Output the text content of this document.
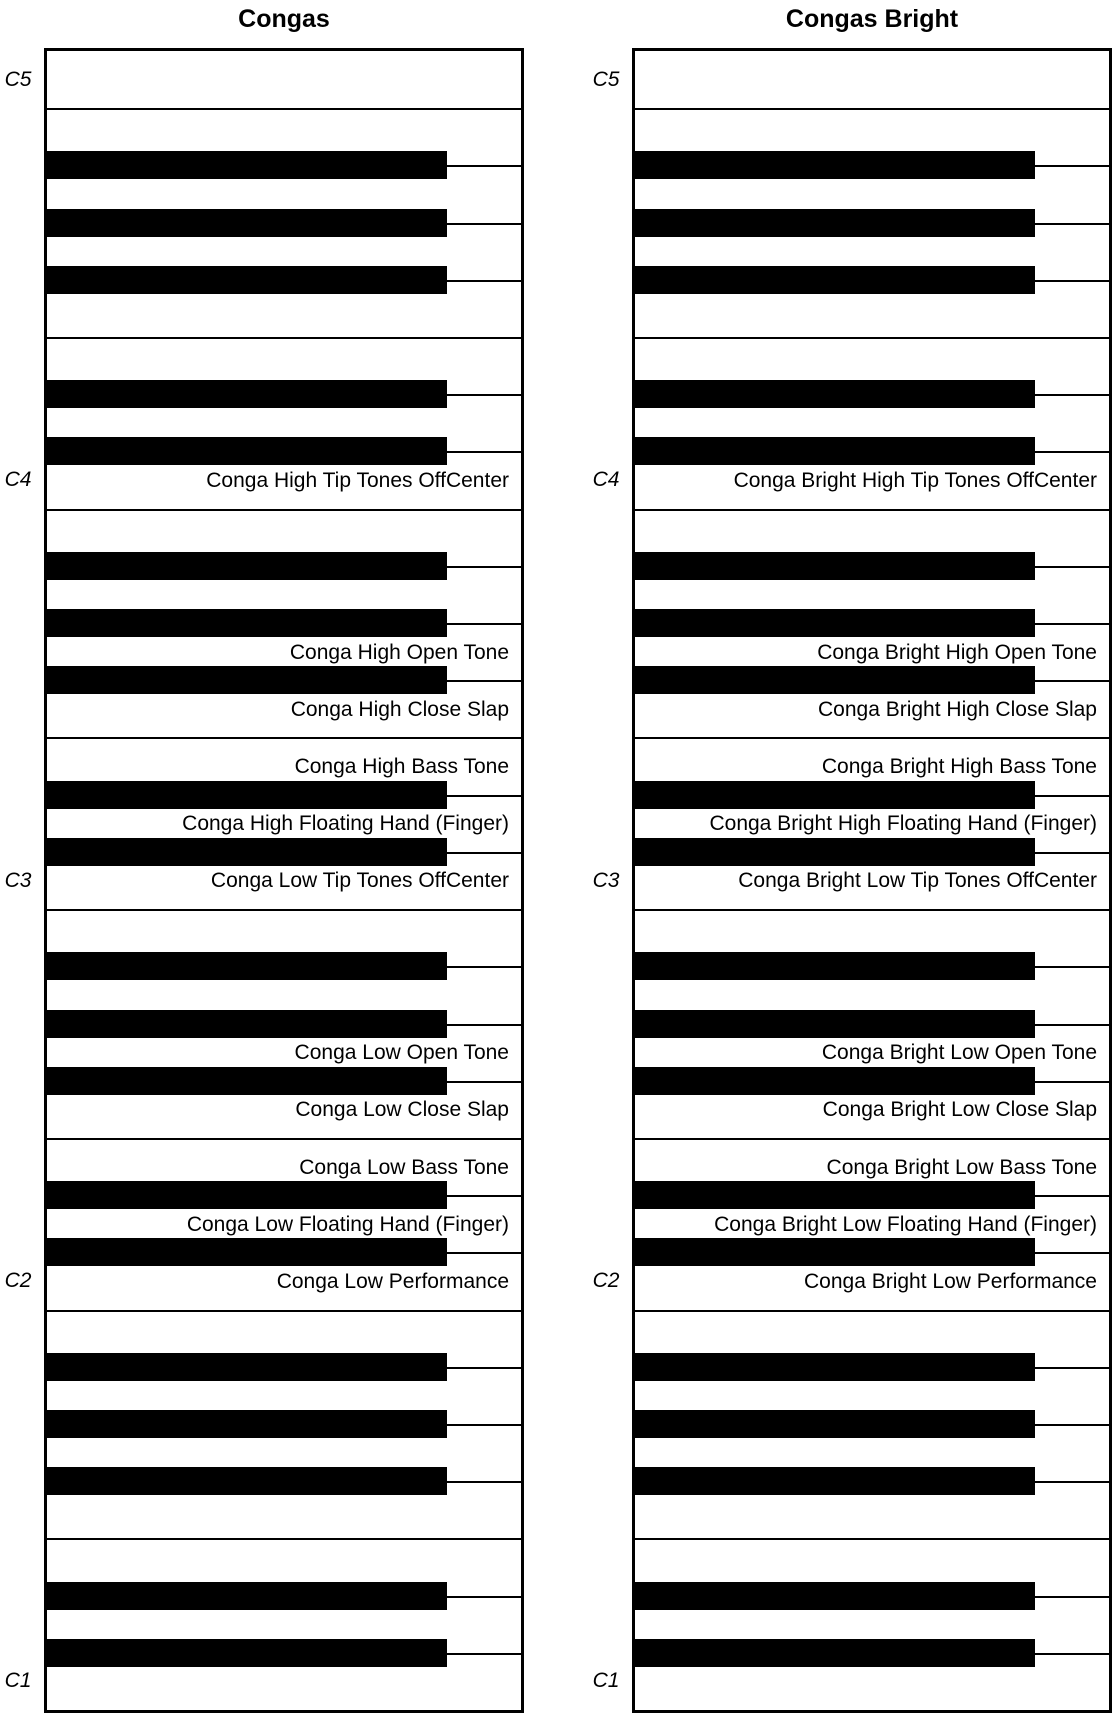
Congas
Conga High Tip Tones OffCenter
Conga High Open Tone
Conga High Close Slap
Conga High Bass Tone
Conga High Floating Hand (Finger)
Conga Low Tip Tones OffCenter
Conga Low Open Tone
Conga Low Close Slap
Conga Low Bass Tone
Conga Low Floating Hand (Finger)
Conga Low Performance
C5
C4
C3
C2
C1
Congas Bright
Conga Bright High Tip Tones OffCenter
Conga Bright High Open Tone
Conga Bright High Close Slap
Conga Bright High Bass Tone
Conga Bright High Floating Hand (Finger)
Conga Bright Low Tip Tones OffCenter
Conga Bright Low Open Tone
Conga Bright Low Close Slap
Conga Bright Low Bass Tone
Conga Bright Low Floating Hand (Finger)
Conga Bright Low Performance
C5
C4
C3
C2
C1
